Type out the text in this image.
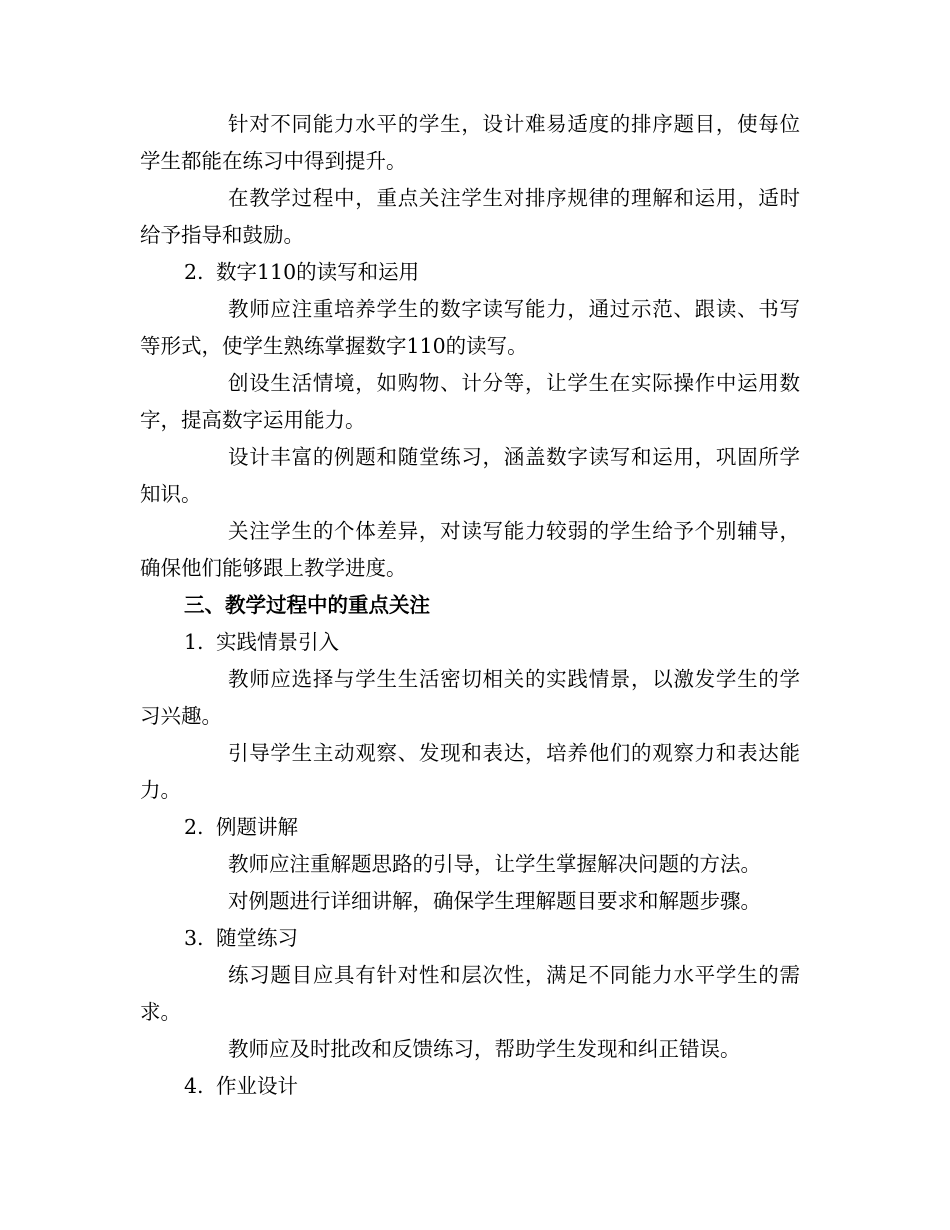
针对不同能力水平的学生，设计难易适度的排序题目，使每位学生都能在练习中得到提升。

在教学过程中，重点关注学生对排序规律的理解和运用，适时给予指导和鼓励。

2. 数字110的读写和运用

教师应注重培养学生的数字读写能力，通过示范、跟读、书写等形式，使学生熟练掌握数字110的读写。

创设生活情境，如购物、计分等，让学生在实际操作中运用数字，提高数字运用能力。

设计丰富的例题和随堂练习，涵盖数字读写和运用，巩固所学知识。

关注学生的个体差异，对读写能力较弱的学生给予个别辅导，确保他们能够跟上教学进度。

三、教学过程中的重点关注

1. 实践情景引入

教师应选择与学生生活密切相关的实践情景，以激发学生的学习兴趣。

引导学生主动观察、发现和表达，培养他们的观察力和表达能力。

2. 例题讲解

教师应注重解题思路的引导，让学生掌握解决问题的方法。

对例题进行详细讲解，确保学生理解题目要求和解题步骤。

3. 随堂练习

练习题目应具有针对性和层次性，满足不同能力水平学生的需求。

教师应及时批改和反馈练习，帮助学生发现和纠正错误。

4. 作业设计
